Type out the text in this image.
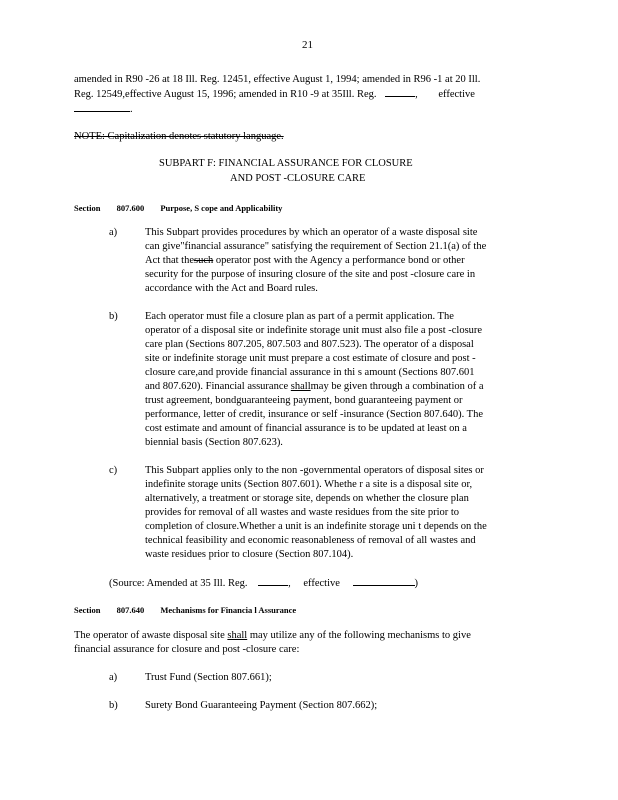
21
amended in R90 -26 at 18 Ill. Reg. 12451, effective August 1, 1994; amended in R96 -1 at 20 Ill.
Reg. 12549,effective August 15, 1996; amended in R10 -9 at 35Ill. Reg.	, effective
.
NOTE: Capitalization denotes statutory language.
SUBPART F: FINANCIAL ASSURANCE FOR CLOSURE
AND POST -CLOSURE CARE
Section 807.600 Purpose, S cope and Applicability
a)	This Subpart provides procedures by which an operator of a waste disposal site
can give"financial assurance" satisfying the requirement of Section 21.1(a) of the
Act that thesuch operator post with the Agency a performance bond or other
security for the purpose of insuring closure of the site and post -closure care in
accordance with the Act and Board rules.
b)	Each operator must file a closure plan as part of a permit application. The
operator of a disposal site or indefinite storage unit must also file a post -closure
care plan (Sections 807.205, 807.503 and 807.523). The operator of a disposal
site or indefinite storage unit must prepare a cost estimate of closure and post -
closure care,and provide financial assurance in thi s amount (Sections 807.601
and 807.620). Financial assurance shallmay be given through a combination of a
trust agreement, bondguaranteeing payment, bond guaranteeing payment or
performance, letter of credit, insurance or self -insurance (Section 807.640). The
cost estimate and amount of financial assurance is to be updated at least on a
biennial basis (Section 807.623).
c)	This Subpart applies only to the non -governmental operators of disposal sites or
indefinite storage units (Section 807.601). Whethe r a site is a disposal site or,
alternatively, a treatment or storage site, depends on whether the closure plan
provides for removal of all wastes and waste residues from the site prior to
completion of closure.Whether a unit is an indefinite storage uni t depends on the
technical feasibility and economic reasonableness of removal of all wastes and
waste residues prior to closure (Section 807.104).
(Source: Amended at 35 Ill. Reg.	, effective	)
Section 807.640 Mechanisms for Financia l Assurance
The operator of awaste disposal site shall may utilize any of the following mechanisms to give
financial assurance for closure and post -closure care:
a)	Trust Fund (Section 807.661);
b)	Surety Bond Guaranteeing Payment (Section 807.662);
